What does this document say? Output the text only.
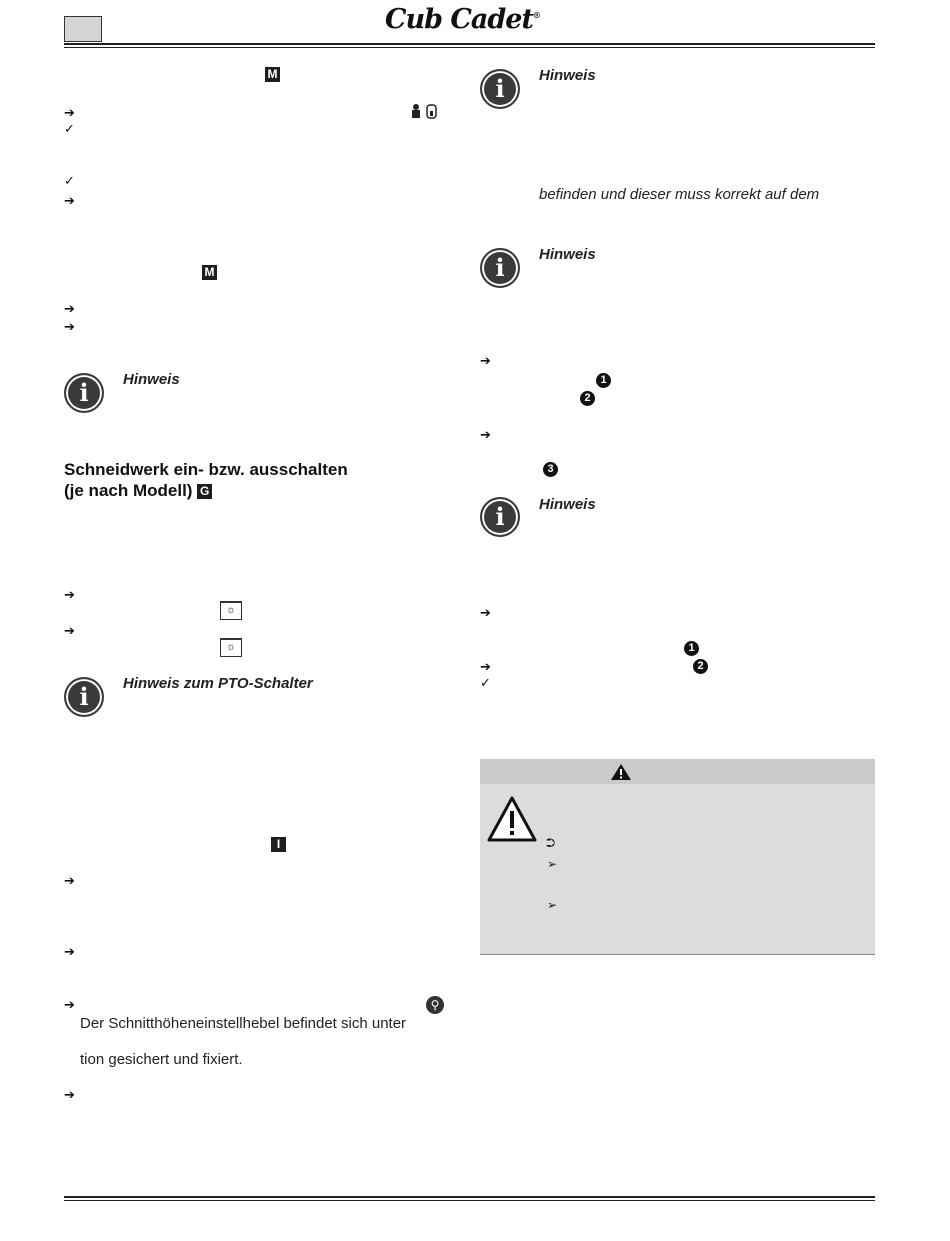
Cub Cadet®
M
➔
✓
✓
➔
M
➔
➔
i	Hinweis
Schneidwerk ein- bzw. ausschalten
(je nach Modell) G
➔
☼
➔
☼
i	Hinweis zum PTO-Schalter
I
➔
➔
➔	⚲
Der Schnitthöheneinstellhebel befindet sich unter
tion gesichert und fixiert.
➔
i	Hinweis
befinden und dieser muss korrekt auf dem
i	Hinweis
➔
1
2
➔
3
i	Hinweis
➔
1
➔	2
✓
⮊
➢
➢
